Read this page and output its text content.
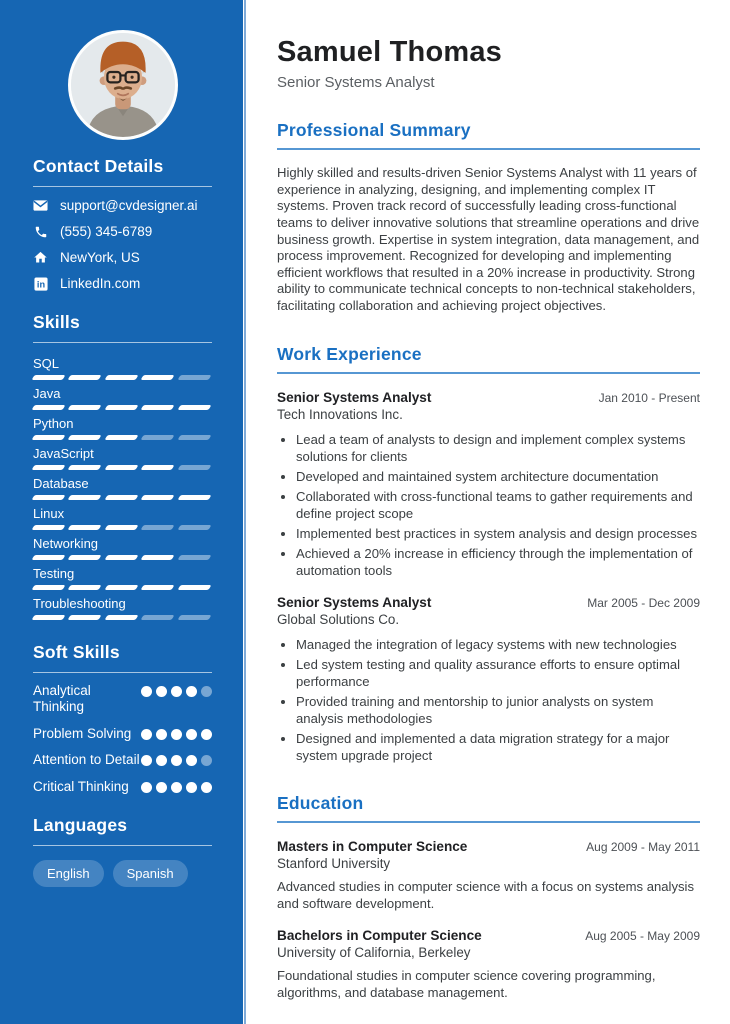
Contact Details
support@cvdesigner.ai
(555) 345-6789
NewYork, US
in LinkedIn.com
Skills
SQL
Java
Python
JavaScript
Database
Linux
Networking
Testing
Troubleshooting
Soft Skills
Analytical Thinking
Problem Solving
Attention to Detail
Critical Thinking
Languages
English	Spanish
Samuel Thomas
Senior Systems Analyst
Professional Summary

Highly skilled and results-driven Senior Systems Analyst with 11 years of experience in analyzing, designing, and implementing complex IT systems. Proven track record of successfully leading cross-functional teams to deliver innovative solutions that streamline operations and drive business growth. Expertise in system integration, data management, and process improvement. Recognized for developing and implementing efficient workflows that resulted in a 20% increase in productivity. Strong ability to communicate technical concepts to non-technical stakeholders, facilitating collaboration and achieving project objectives.

Work Experience
Senior Systems Analyst	Jan 2010 - Present
Tech Innovations Inc.
• Lead a team of analysts to design and implement complex systems solutions for clients
• Developed and maintained system architecture documentation
• Collaborated with cross-functional teams to gather requirements and define project scope
• Implemented best practices in system analysis and design processes
• Achieved a 20% increase in efficiency through the implementation of automation tools
Senior Systems Analyst	Mar 2005 - Dec 2009
Global Solutions Co.
• Managed the integration of legacy systems with new technologies
• Led system testing and quality assurance efforts to ensure optimal performance
• Provided training and mentorship to junior analysts on system analysis methodologies
• Designed and implemented a data migration strategy for a major system upgrade project
Education
Masters in Computer Science	Aug 2009 - May 2011
Stanford University
Advanced studies in computer science with a focus on systems analysis and software development.
Bachelors in Computer Science	Aug 2005 - May 2009
University of California, Berkeley
Foundational studies in computer science covering programming, algorithms, and database management.
